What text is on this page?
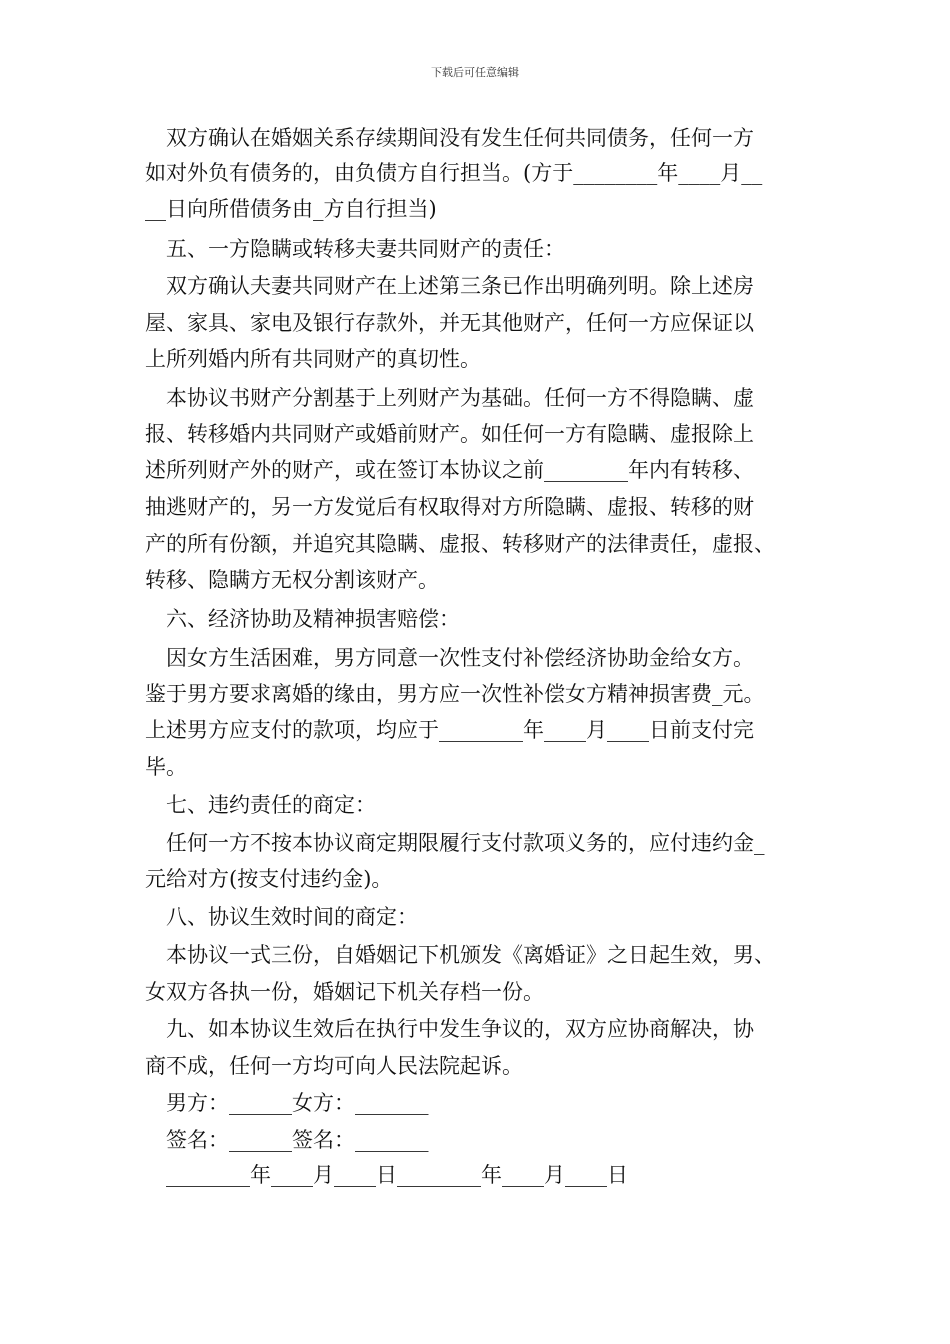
下载后可任意编辑

　双方确认在婚姻关系存续期间没有发生任何共同债务，任何一方

如对外负有债务的，由负债方自行担当。(方于________年____月__

__日向所借债务由_方自行担当)

　五、一方隐瞒或转移夫妻共同财产的责任：

　双方确认夫妻共同财产在上述第三条已作出明确列明。除上述房

屋、家具、家电及银行存款外，并无其他财产，任何一方应保证以

上所列婚内所有共同财产的真切性。

　本协议书财产分割基于上列财产为基础。任何一方不得隐瞒、虚

报、转移婚内共同财产或婚前财产。如任何一方有隐瞒、虚报除上

述所列财产外的财产，或在签订本协议之前________年内有转移、

抽逃财产的，另一方发觉后有权取得对方所隐瞒、虚报、转移的财

产的所有份额，并追究其隐瞒、虚报、转移财产的法律责任，虚报、

转移、隐瞒方无权分割该财产。

　六、经济协助及精神损害赔偿：

　因女方生活困难，男方同意一次性支付补偿经济协助金给女方。

鉴于男方要求离婚的缘由，男方应一次性补偿女方精神损害费_元。

上述男方应支付的款项，均应于________年____月____日前支付完

毕。

　七、违约责任的商定：

　任何一方不按本协议商定期限履行支付款项义务的，应付违约金_

元给对方(按支付违约金)。

　八、协议生效时间的商定：

　本协议一式三份，自婚姻记下机颁发《离婚证》之日起生效，男、

女双方各执一份，婚姻记下机关存档一份。

　九、如本协议生效后在执行中发生争议的，双方应协商解决，协

商不成，任何一方均可向人民法院起诉。

　男方：______女方：_______

　签名：______签名：_______

　________年____月____日________年____月____日
